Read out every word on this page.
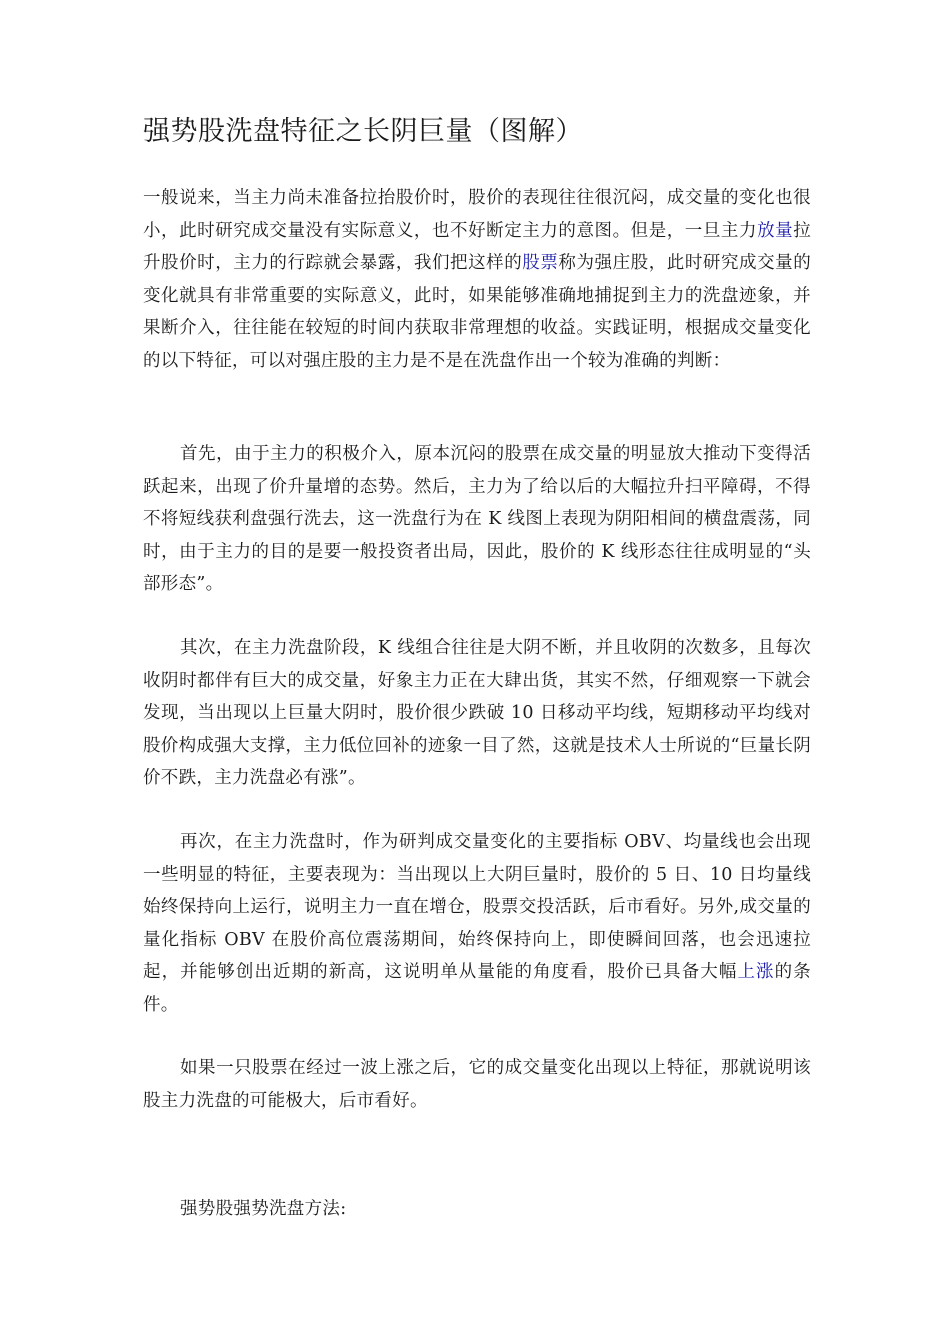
强势股洗盘特征之长阴巨量（图解）

一般说来，当主力尚未准备拉抬股价时，股价的表现往往很沉闷，成交量的变化也很小，此时研究成交量没有实际意义，也不好断定主力的意图。但是，一旦主力放量拉升股价时，主力的行踪就会暴露，我们把这样的股票称为强庄股，此时研究成交量的变化就具有非常重要的实际意义，此时，如果能够准确地捕捉到主力的洗盘迹象，并果断介入，往往能在较短的时间内获取非常理想的收益。实践证明，根据成交量变化的以下特征，可以对强庄股的主力是不是在洗盘作出一个较为准确的判断：

首先，由于主力的积极介入，原本沉闷的股票在成交量的明显放大推动下变得活跃起来，出现了价升量增的态势。然后，主力为了给以后的大幅拉升扫平障碍，不得不将短线获利盘强行洗去，这一洗盘行为在 K 线图上表现为阴阳相间的横盘震荡，同时，由于主力的目的是要一般投资者出局，因此，股价的 K 线形态往往成明显的“头部形态”。

其次，在主力洗盘阶段，K 线组合往往是大阴不断，并且收阴的次数多，且每次收阴时都伴有巨大的成交量，好象主力正在大肆出货，其实不然，仔细观察一下就会发现，当出现以上巨量大阴时，股价很少跌破 10 日移动平均线，短期移动平均线对股价构成强大支撑，主力低位回补的迹象一目了然，这就是技术人士所说的“巨量长阴价不跌，主力洗盘必有涨”。

再次，在主力洗盘时，作为研判成交量变化的主要指标 OBV、均量线也会出现一些明显的特征，主要表现为：当出现以上大阴巨量时，股价的 5 日、10 日均量线始终保持向上运行，说明主力一直在增仓，股票交投活跃，后市看好。另外,成交量的量化指标 OBV 在股价高位震荡期间，始终保持向上，即使瞬间回落，也会迅速拉起，并能够创出近期的新高，这说明单从量能的角度看，股价已具备大幅上涨的条件。

如果一只股票在经过一波上涨之后，它的成交量变化出现以上特征，那就说明该股主力洗盘的可能极大，后市看好。

强势股强势洗盘方法:
